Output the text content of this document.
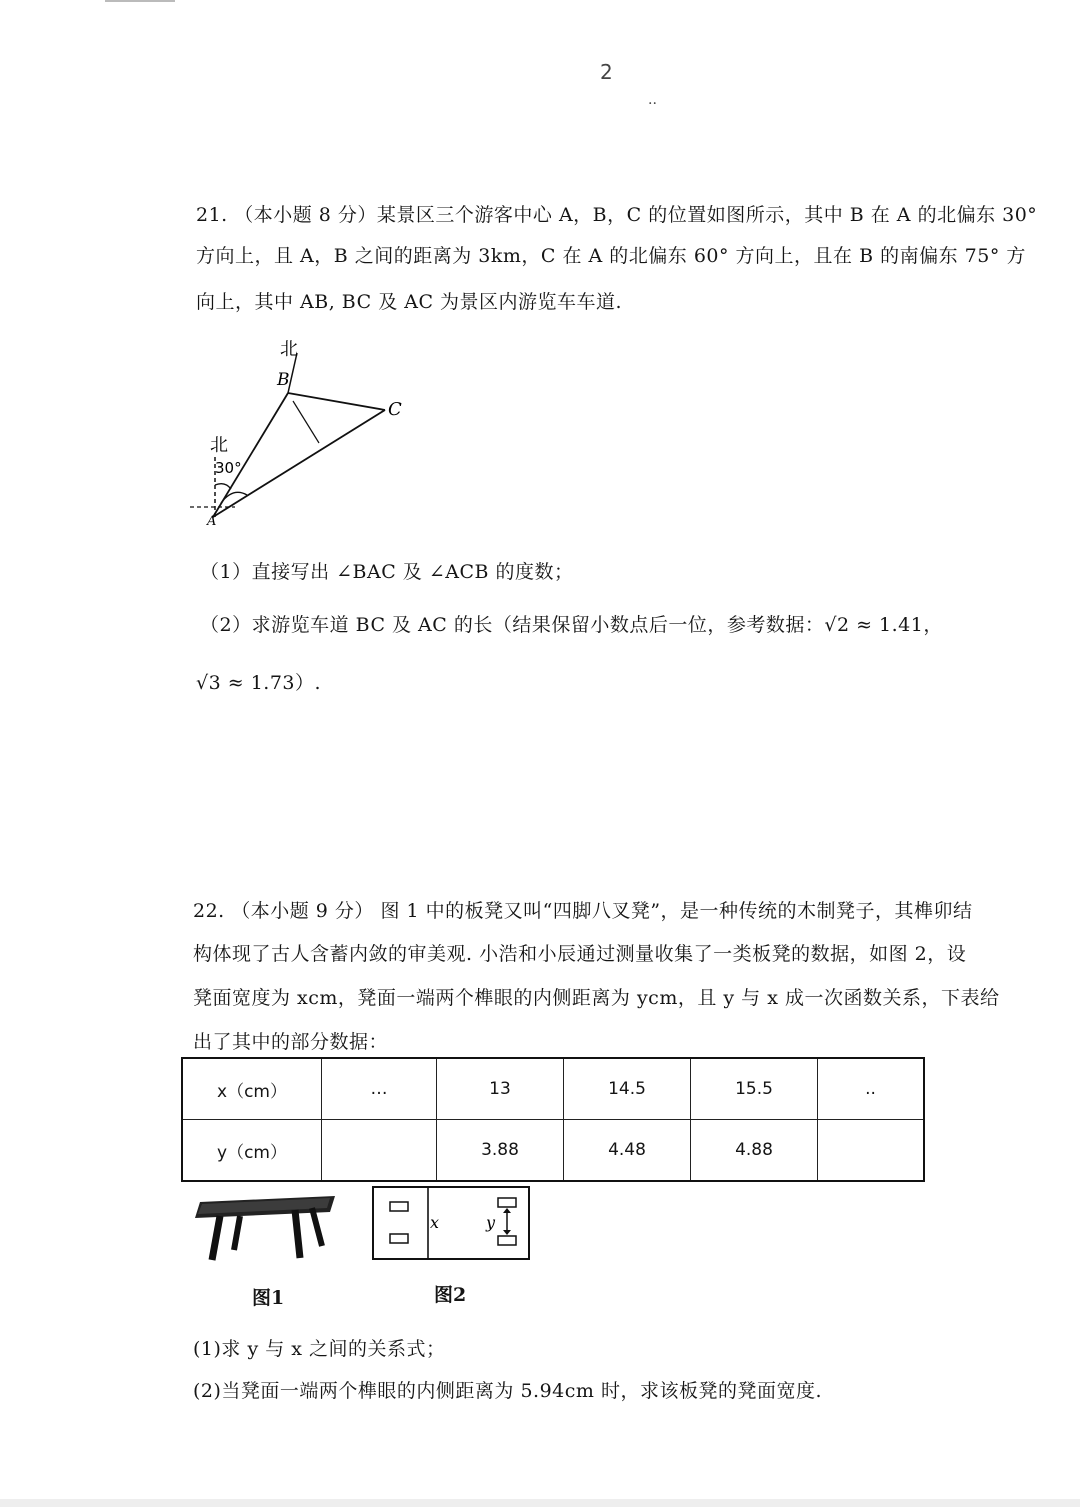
2
..
21. （本小题 8 分）某景区三个游客中心 A，B，C 的位置如图所示，其中 B 在 A 的北偏东 30°
方向上，且 A，B 之间的距离为 3km，C 在 A 的北偏东 60° 方向上，且在 B 的南偏东 75° 方
向上，其中 AB, BC 及 AC 为景区内游览车车道.
北
B
C
北
30°
A
（1）直接写出 ∠BAC 及 ∠ACB 的度数；
（2）求游览车道 BC 及 AC 的长（结果保留小数点后一位，参考数据：√2 ≈ 1.41，
√3 ≈ 1.73）.
22. （本小题 9 分） 图 1 中的板凳又叫“四脚八叉凳”，是一种传统的木制凳子，其榫卯结
构体现了古人含蓄内敛的审美观. 小浩和小辰通过测量收集了一类板凳的数据，如图 2，设
凳面宽度为 xcm，凳面一端两个榫眼的内侧距离为 ycm，且 y 与 x 成一次函数关系，下表给
出了其中的部分数据：
x（cm）	…	13	14.5	15.5	..
y（cm）		3.88	4.48	4.88	
图1
x	y
图2
(1)求 y 与 x 之间的关系式；
(2)当凳面一端两个榫眼的内侧距离为 5.94cm 时，求该板凳的凳面宽度.
